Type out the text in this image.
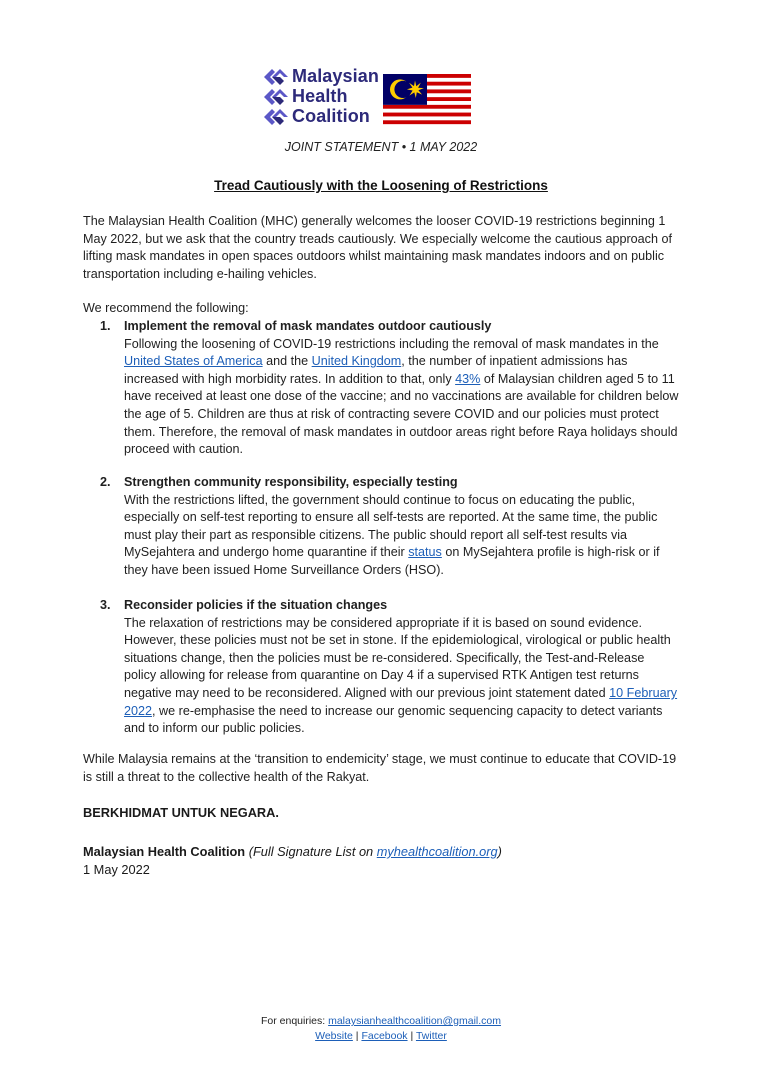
Malaysian
Health
Coalition
JOINT STATEMENT • 1 MAY 2022
Tread Cautiously with the Loosening of Restrictions

The Malaysian Health Coalition (MHC) generally welcomes the looser COVID-19 restrictions beginning 1 May 2022, but we ask that the country treads cautiously. We especially welcome the cautious approach of lifting mask mandates in open spaces outdoors whilst maintaining mask mandates indoors and on public transportation including e-hailing vehicles.

We recommend the following:

1. Implement the removal of mask mandates outdoor cautiously

Following the loosening of COVID-19 restrictions including the removal of mask mandates in the United States of America and the United Kingdom, the number of inpatient admissions has increased with high morbidity rates. In addition to that, only 43% of Malaysian children aged 5 to 11 have received at least one dose of the vaccine; and no vaccinations are available for children below the age of 5. Children are thus at risk of contracting severe COVID and our policies must protect them. Therefore, the removal of mask mandates in outdoor areas right before Raya holidays should proceed with caution.

2. Strengthen community responsibility, especially testing

With the restrictions lifted, the government should continue to focus on educating the public, especially on self-test reporting to ensure all self-tests are reported. At the same time, the public must play their part as responsible citizens. The public should report all self-test results via MySejahtera and undergo home quarantine if their status on MySejahtera profile is high-risk or if they have been issued Home Surveillance Orders (HSO).

3. Reconsider policies if the situation changes

The relaxation of restrictions may be considered appropriate if it is based on sound evidence. However, these policies must not be set in stone. If the epidemiological, virological or public health situations change, then the policies must be re-considered. Specifically, the Test-and-Release policy allowing for release from quarantine on Day 4 if a supervised RTK Antigen test returns negative may need to be reconsidered. Aligned with our previous joint statement dated 10 February 2022, we re-emphasise the need to increase our genomic sequencing capacity to detect variants and to inform our public policies.

While Malaysia remains at the ‘transition to endemicity’ stage, we must continue to educate that COVID-19 is still a threat to the collective health of the Rakyat.

BERKHIDMAT UNTUK NEGARA.
Malaysian Health Coalition (Full Signature List on myhealthcoalition.org)
1 May 2022
For enquiries: malaysianhealthcoalition@gmail.com
Website | Facebook | Twitter
